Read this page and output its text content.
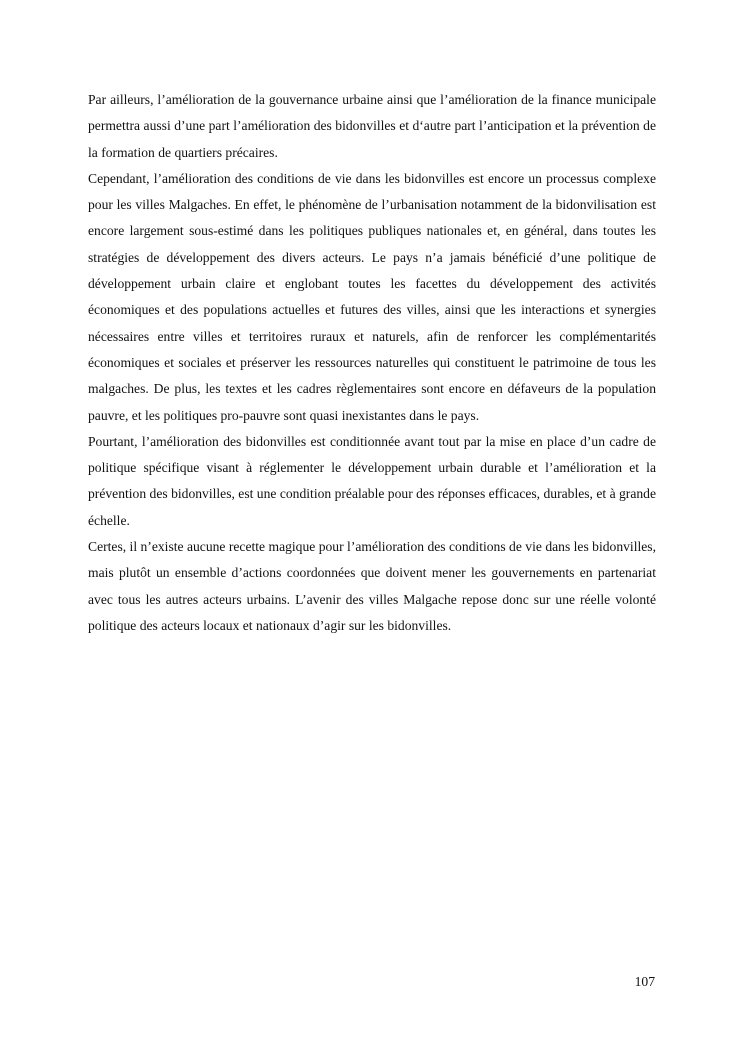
Par ailleurs, l’amélioration de la gouvernance urbaine ainsi que l’amélioration de la finance municipale permettra aussi d’une part l’amélioration des bidonvilles et d‘autre part l’anticipation et la prévention de la formation de quartiers précaires.

Cependant, l’amélioration des conditions de vie dans les bidonvilles est encore un processus complexe pour les villes Malgaches. En effet, le phénomène de l’urbanisation notamment de la bidonvilisation est encore largement sous-estimé dans les politiques publiques nationales et, en général, dans toutes les stratégies de développement des divers acteurs. Le pays n’a jamais bénéficié d’une politique de développement urbain claire et englobant toutes les facettes du développement des activités économiques et des populations actuelles et futures des villes, ainsi que les interactions et synergies nécessaires entre villes et territoires ruraux et naturels, afin de renforcer les complémentarités économiques et sociales et préserver les ressources naturelles qui constituent le patrimoine de tous les malgaches. De plus, les textes et les cadres règlementaires sont encore en défaveurs de la population pauvre, et les politiques pro-pauvre sont quasi inexistantes dans le pays.

Pourtant, l’amélioration des bidonvilles est conditionnée avant tout par la mise en place d’un cadre de politique spécifique visant à réglementer le développement urbain durable et l’amélioration et la prévention des bidonvilles, est une condition préalable pour des réponses efficaces, durables, et à grande échelle.

Certes, il n’existe aucune recette magique pour l’amélioration des conditions de vie dans les bidonvilles, mais plutôt un ensemble d’actions coordonnées que doivent mener les gouvernements en partenariat avec tous les autres acteurs urbains. L’avenir des villes Malgache repose donc sur une réelle volonté politique des acteurs locaux et nationaux d’agir sur les bidonvilles.

107
